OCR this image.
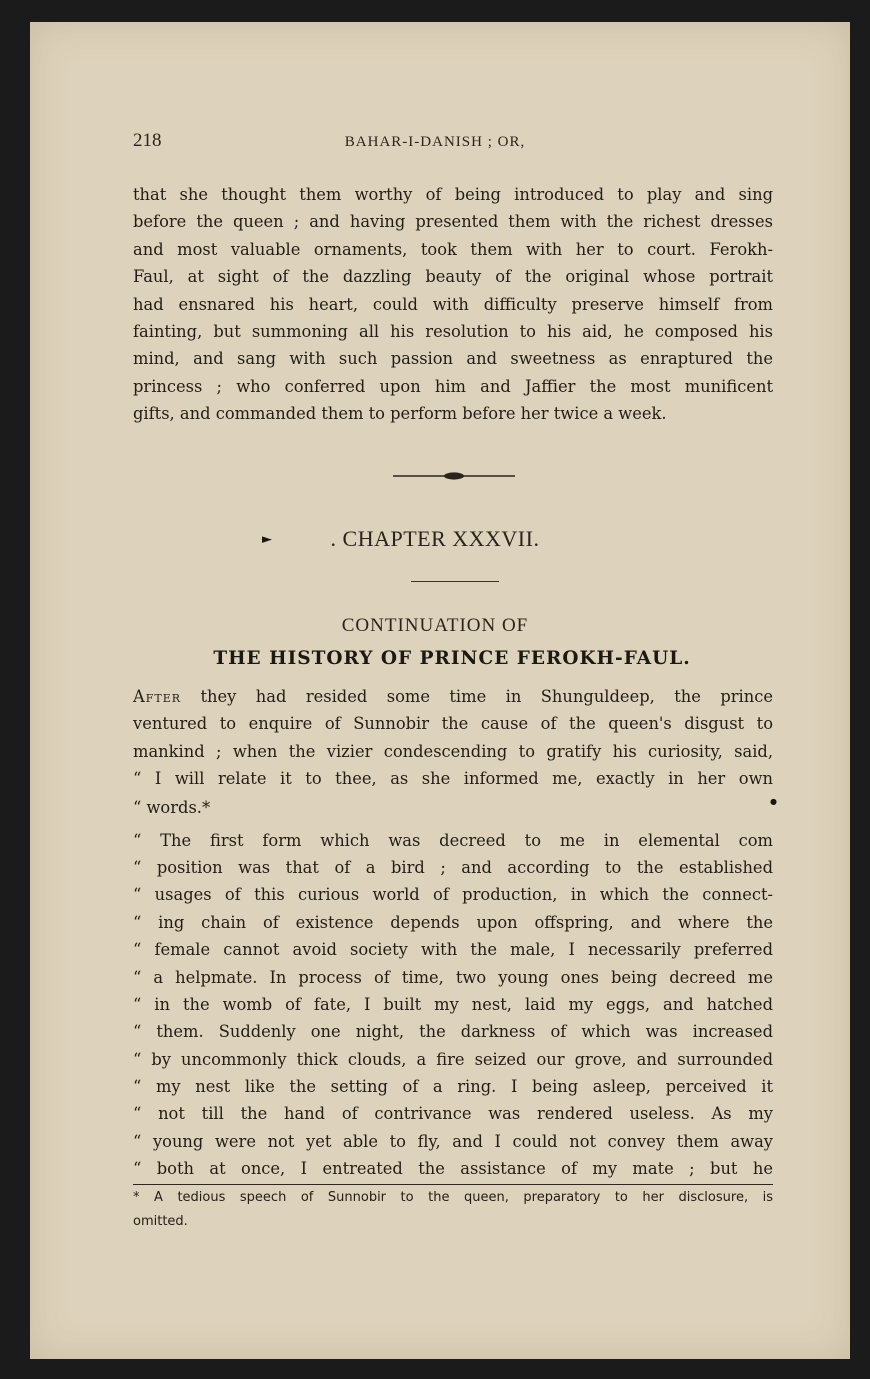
218	BAHAR-I-DANISH ; OR,
that she thought them worthy of being introduced to play and sing
before the queen ; and having presented them with the richest dresses
and most valuable ornaments, took them with her to court. Ferokh-
Faul, at sight of the dazzling beauty of the original whose portrait
had ensnared his heart, could with difficulty preserve himself from
fainting, but summoning all his resolution to his aid, he composed his
mind, and sang with such passion and sweetness as enraptured the
princess ; who conferred upon him and Jaffier the most munificent
gifts, and commanded them to perform before her twice a week.
►	. CHAPTER XXXVII.
CONTINUATION OF
THE HISTORY OF PRINCE FEROKH-FAUL.
After they had resided some time in Shunguldeep, the prince
ventured to enquire of Sunnobir the cause of the queen's disgust to
mankind ; when the vizier condescending to gratify his curiosity, said,
“ I will relate it to thee, as she informed me, exactly in her own
“ words.*
“ The first form which was decreed to me in elemental com
“ position was that of a bird ; and according to the established
“ usages of this curious world of production, in which the connect-
“ ing chain of existence depends upon offspring, and where the
“ female cannot avoid society with the male, I necessarily preferred
“ a helpmate. In process of time, two young ones being decreed me
“ in the womb of fate, I built my nest, laid my eggs, and hatched
“ them. Suddenly one night, the darkness of which was increased
“ by uncommonly thick clouds, a fire seized our grove, and surrounded
“ my nest like the setting of a ring. I being asleep, perceived it
“ not till the hand of contrivance was rendered useless. As my
“ young were not yet able to fly, and I could not convey them away
“ both at once, I entreated the assistance of my mate ; but he
●
* A tedious speech of Sunnobir to the queen, preparatory to her disclosure, is
omitted.
